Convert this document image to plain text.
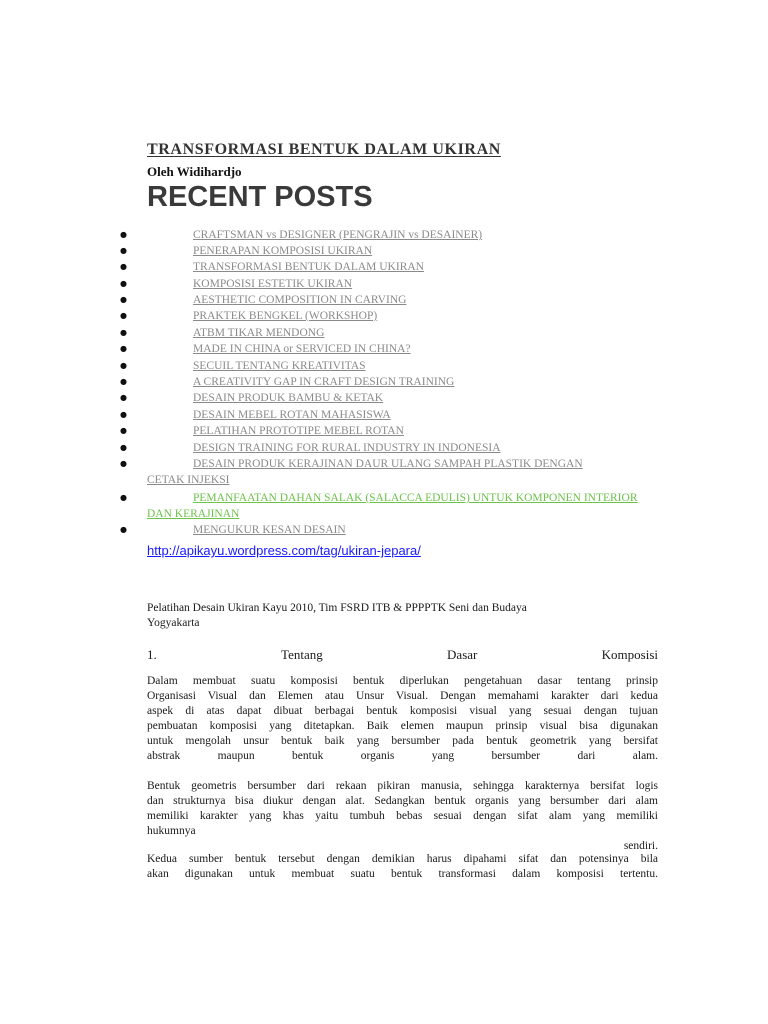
TRANSFORMASI BENTUK DALAM UKIRAN
Oleh Widihardjo
RECENT POSTS
●	CRAFTSMAN vs DESIGNER (PENGRAJIN vs DESAINER)
●	PENERAPAN KOMPOSISI UKIRAN
●	TRANSFORMASI BENTUK DALAM UKIRAN
●	KOMPOSISI ESTETIK UKIRAN
●	AESTHETIC COMPOSITION IN CARVING
●	PRAKTEK BENGKEL (WORKSHOP)
●	ATBM TIKAR MENDONG
●	MADE IN CHINA or SERVICED IN CHINA?
●	SECUIL TENTANG KREATIVITAS
●	A CREATIVITY GAP IN CRAFT DESIGN TRAINING
●	DESAIN PRODUK BAMBU & KETAK
●	DESAIN MEBEL ROTAN MAHASISWA
●	PELATIHAN PROTOTIPE MEBEL ROTAN
●	DESIGN TRAINING FOR RURAL INDUSTRY IN INDONESIA
●	DESAIN PRODUK KERAJINAN DAUR ULANG SAMPAH PLASTIK DENGAN
CETAK INJEKSI
●	PEMANFAATAN DAHAN SALAK (SALACCA EDULIS) UNTUK KOMPONEN INTERIOR
DAN KERAJINAN
●	MENGUKUR KESAN DESAIN
http://apikayu.wordpress.com/tag/ukiran-jepara/
Pelatihan Desain Ukiran Kayu 2010, Tim FSRD ITB & PPPPTK Seni dan Budaya
Yogyakarta
1.	Tentang	Dasar	Komposisi
Dalam membuat suatu komposisi bentuk diperlukan pengetahuan dasar tentang prinsip
Organisasi Visual dan Elemen atau Unsur Visual. Dengan memahami karakter dari kedua
aspek di atas dapat dibuat berbagai bentuk komposisi visual yang sesuai dengan tujuan
pembuatan komposisi yang ditetapkan. Baik elemen maupun prinsip visual bisa digunakan
untuk mengolah unsur bentuk baik yang bersumber pada bentuk geometrik yang bersifat
abstrak maupun bentuk organis yang bersumber dari alam.
Bentuk geometris bersumber dari rekaan pikiran manusia, sehingga karakternya bersifat logis
dan strukturnya bisa diukur dengan alat. Sedangkan bentuk organis yang bersumber dari alam
memiliki karakter yang khas yaitu tumbuh bebas sesuai dengan sifat alam yang memiliki
hukumnya
sendiri.
Kedua sumber bentuk tersebut dengan demikian harus dipahami sifat dan potensinya bila
akan digunakan untuk membuat suatu bentuk transformasi dalam komposisi tertentu.
